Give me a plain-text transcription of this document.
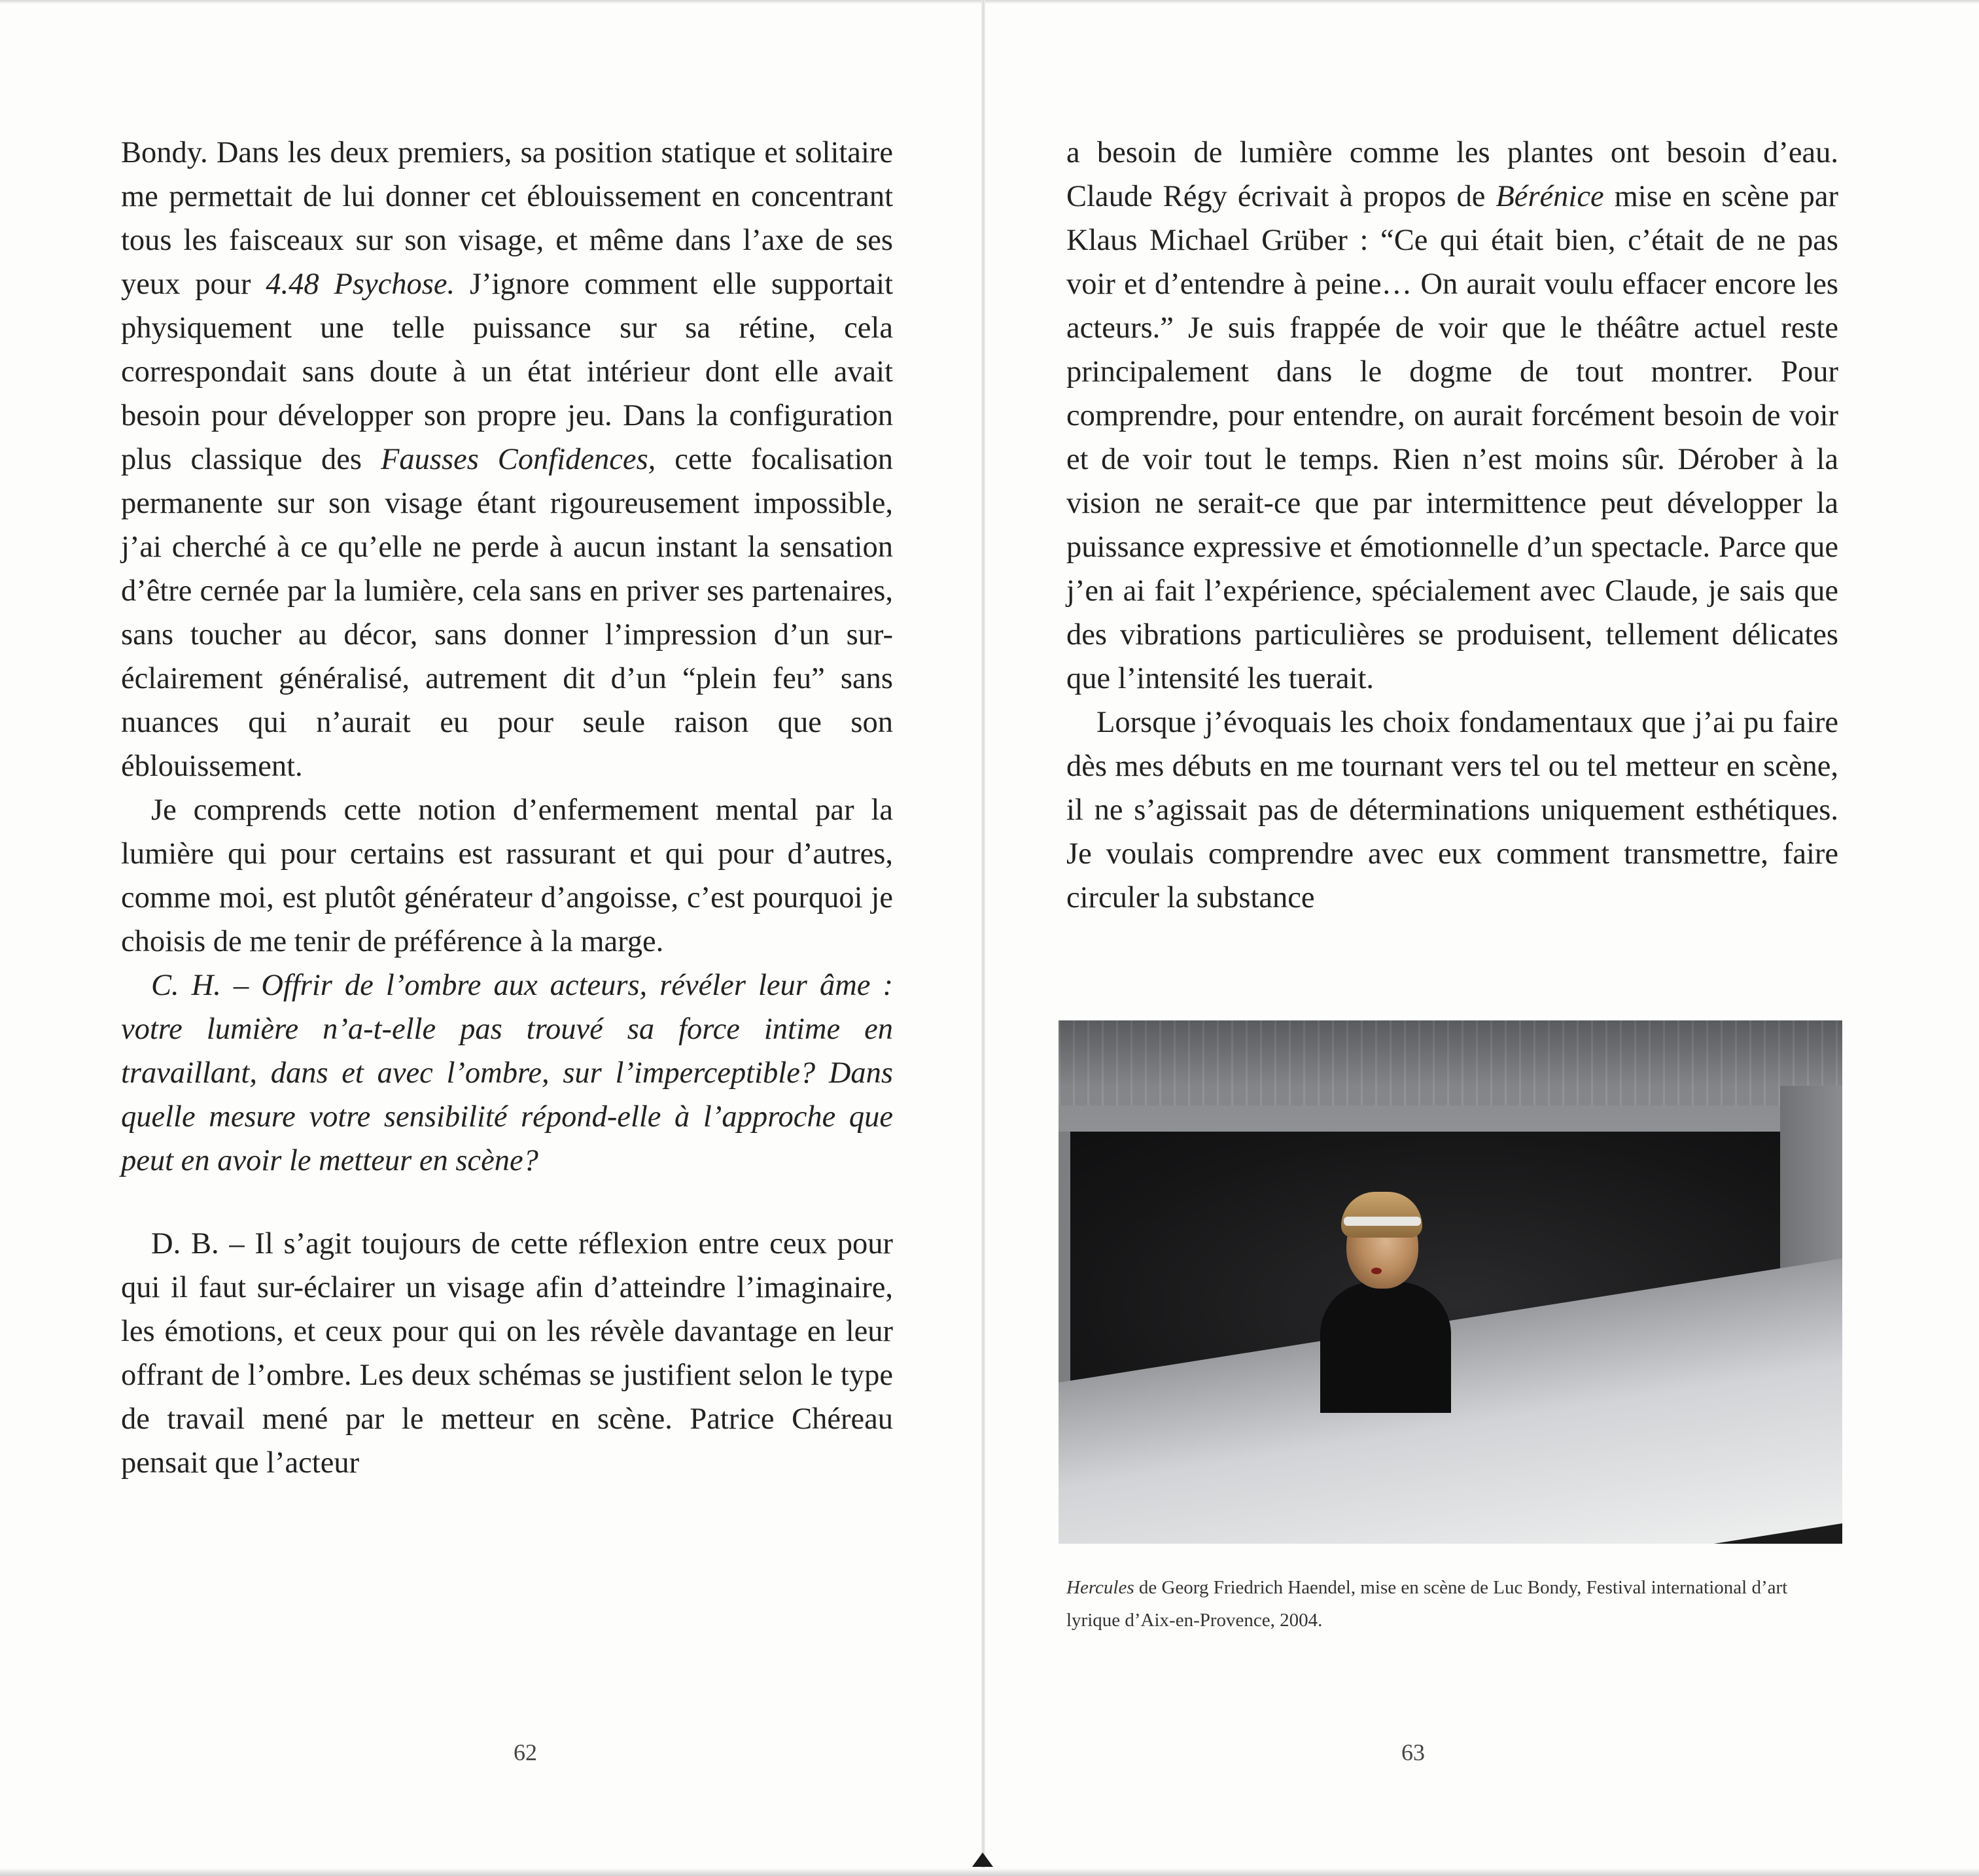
Bondy. Dans les deux premiers, sa position statique et solitaire me permettait de lui donner cet éblouissement en concentrant tous les faisceaux sur son visage, et même dans l’axe de ses yeux pour 4.48 Psychose. J’ignore comment elle supportait physiquement une telle puissance sur sa rétine, cela correspondait sans doute à un état intérieur dont elle avait besoin pour développer son propre jeu. Dans la configuration plus classique des Fausses Confidences, cette focalisation permanente sur son visage étant rigoureusement impossible, j’ai cherché à ce qu’elle ne perde à aucun instant la sensation d’être cernée par la lumière, cela sans en priver ses partenaires, sans toucher au décor, sans donner l’impression d’un sur-éclairement généralisé, autrement dit d’un “plein feu” sans nuances qui n’aurait eu pour seule raison que son éblouissement.

Je comprends cette notion d’enfermement mental par la lumière qui pour certains est rassurant et qui pour d’autres, comme moi, est plutôt générateur d’angoisse, c’est pourquoi je choisis de me tenir de préférence à la marge.

C. H. – Offrir de l’ombre aux acteurs, révéler leur âme : votre lumière n’a-t-elle pas trouvé sa force intime en travaillant, dans et avec l’ombre, sur l’imperceptible? Dans quelle mesure votre sensibilité répond-elle à l’approche que peut en avoir le metteur en scène?

D. B. – Il s’agit toujours de cette réflexion entre ceux pour qui il faut sur-éclairer un visage afin d’atteindre l’imaginaire, les émotions, et ceux pour qui on les révèle davantage en leur offrant de l’ombre. Les deux schémas se justifient selon le type de travail mené par le metteur en scène. Patrice Chéreau pensait que l’acteur

62

a besoin de lumière comme les plantes ont besoin d’eau. Claude Régy écrivait à propos de Bérénice mise en scène par Klaus Michael Grüber : “Ce qui était bien, c’était de ne pas voir et d’entendre à peine… On aurait voulu effacer encore les acteurs.” Je suis frappée de voir que le théâtre actuel reste principalement dans le dogme de tout montrer. Pour comprendre, pour entendre, on aurait forcément besoin de voir et de voir tout le temps. Rien n’est moins sûr. Dérober à la vision ne serait-ce que par intermittence peut développer la puissance expressive et émotionnelle d’un spectacle. Parce que j’en ai fait l’expérience, spécialement avec Claude, je sais que des vibrations particulières se produisent, tellement délicates que l’intensité les tuerait.

Lorsque j’évoquais les choix fondamentaux que j’ai pu faire dès mes débuts en me tournant vers tel ou tel metteur en scène, il ne s’agissait pas de déterminations uniquement esthétiques. Je voulais comprendre avec eux comment transmettre, faire circuler la substance

Hercules de Georg Friedrich Haendel, mise en scène de Luc Bondy, Festival international d’art lyrique d’Aix-en-Provence, 2004.
63
